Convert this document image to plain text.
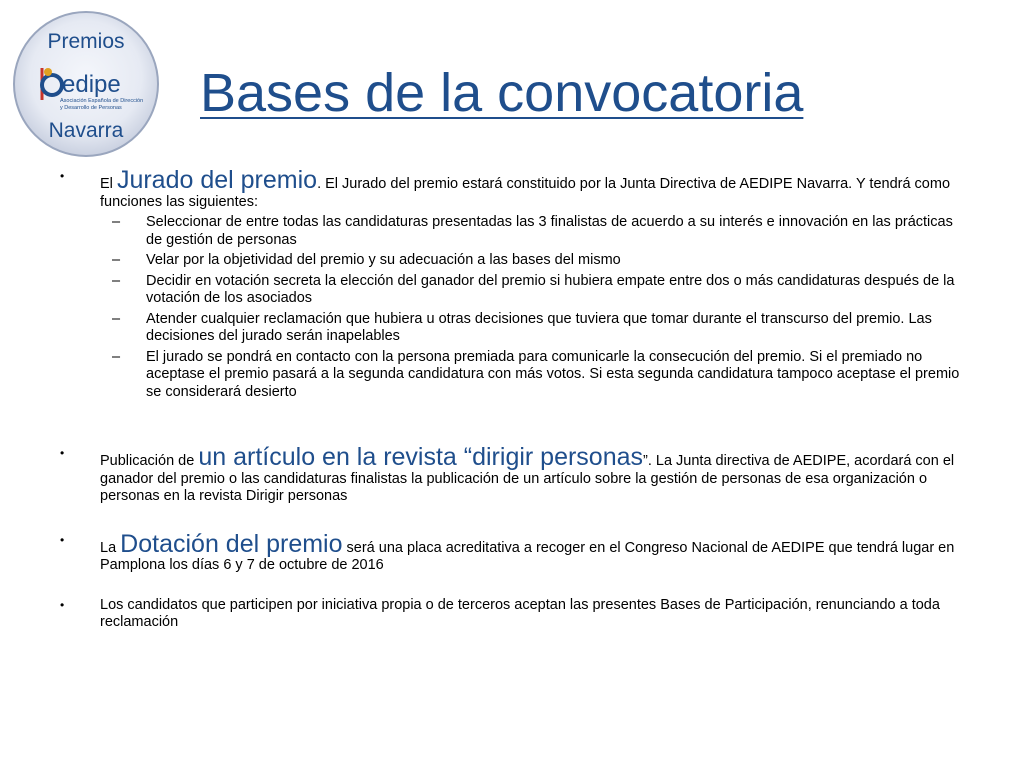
Premios
edipe
Asociación Española de Dirección
y Desarrollo de Personas
Navarra
Bases de la convocatoria
• El Jurado del premio. El Jurado del premio estará constituido por la Junta Directiva de AEDIPE Navarra. Y tendrá como funciones las siguientes:
– Seleccionar de entre todas las candidaturas presentadas las 3 finalistas de acuerdo a su interés e innovación en las prácticas de gestión de personas
– Velar por la objetividad del premio y su adecuación a las bases del mismo
– Decidir en votación secreta la elección del ganador del premio si hubiera empate entre dos o más candidaturas después de la votación de los asociados
– Atender cualquier reclamación que hubiera u otras decisiones que tuviera que tomar durante el transcurso del premio. Las decisiones del jurado serán inapelables
– El jurado se pondrá en contacto con la persona premiada para comunicarle la consecución del premio. Si el premiado no aceptase el premio pasará a la segunda candidatura con más votos. Si esta segunda candidatura tampoco aceptase el premio se considerará desierto
• Publicación de un artículo en la revista “dirigir personas”. La Junta directiva de AEDIPE, acordará con el ganador del premio o las candidaturas finalistas la publicación de un artículo sobre la gestión de personas de esa organización o personas en la revista Dirigir personas
• La Dotación del premio será una placa acreditativa a recoger en el Congreso Nacional de AEDIPE que tendrá lugar en Pamplona los días 6 y 7 de octubre de 2016
• Los candidatos que participen por iniciativa propia o de terceros aceptan las presentes Bases de Participación, renunciando a toda reclamación
